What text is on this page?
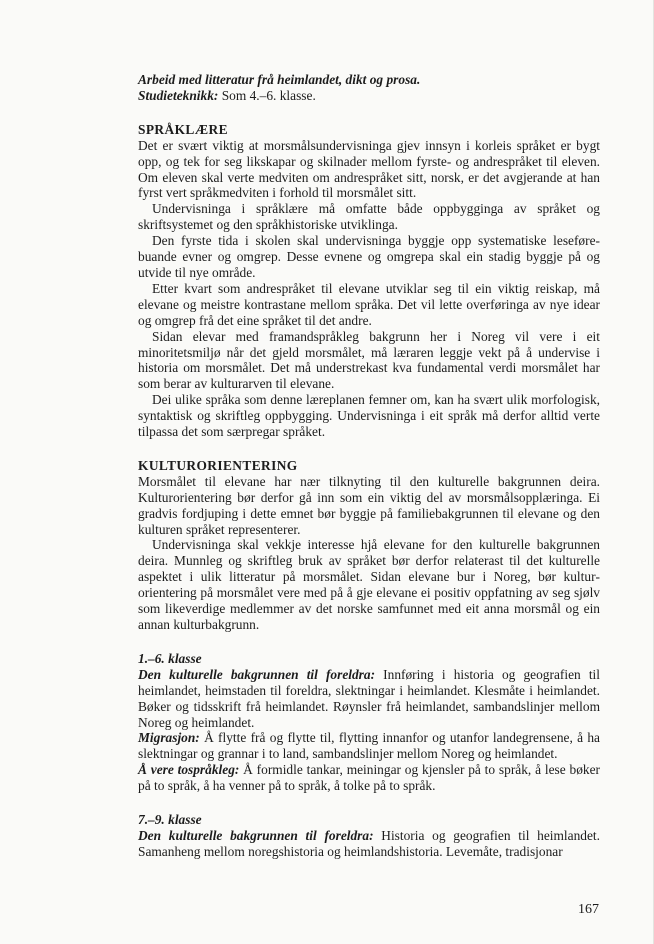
Arbeid med litteratur frå heimlandet, dikt og prosa.

Studieteknikk: Som 4.–6. klasse.

SPRÅKLÆRE

Det er svært viktig at morsmålsundervisninga gjev innsyn i korleis språket er bygt opp, og tek for seg likskapar og skilnader mellom fyrste- og andrespråket til eleven. Om eleven skal verte medviten om andrespråket sitt, norsk, er det avgjerande at han fyrst vert språkmedviten i forhold til morsmålet sitt.

Undervisninga i språklære må omfatte både oppbygginga av språket og skriftsystemet og den språkhistoriske utviklinga.

Den fyrste tida i skolen skal undervisninga byggje opp systematiske leseførebuande evner og omgrep. Desse evnene og omgrepa skal ein stadig byggje på og utvide til nye område.

Etter kvart som andrespråket til elevane utviklar seg til ein viktig reiskap, må elevane og meistre kontrastane mellom språka. Det vil lette overføringa av nye idear og omgrep frå det eine språket til det andre.

Sidan elevar med framandspråkleg bakgrunn her i Noreg vil vere i eit minoritetsmiljø når det gjeld morsmålet, må læraren leggje vekt på å undervise i historia om morsmålet. Det må understrekast kva fundamental verdi morsmålet har som berar av kulturarven til elevane.

Dei ulike språka som denne læreplanen femner om, kan ha svært ulik morfologisk, syntaktisk og skriftleg oppbygging. Undervisninga i eit språk må derfor alltid verte tilpassa det som særpregar språket.

KULTURORIENTERING

Morsmålet til elevane har nær tilknyting til den kulturelle bakgrunnen deira. Kulturorientering bør derfor gå inn som ein viktig del av morsmålsopplæringa. Ei gradvis fordjuping i dette emnet bør byggje på familiebakgrunnen til elevane og den kulturen språket representerer.

Undervisninga skal vekkje interesse hjå elevane for den kulturelle bakgrunnen deira. Munnleg og skriftleg bruk av språket bør derfor relaterast til det kulturelle aspektet i ulik litteratur på morsmålet. Sidan elevane bur i Noreg, bør kulturorientering på morsmålet vere med på å gje elevane ei positiv oppfatning av seg sjølv som likeverdige medlemmer av det norske samfunnet med eit anna morsmål og ein annan kulturbakgrunn.

1.–6. klasse

Den kulturelle bakgrunnen til foreldra: Innføring i historia og geografien til heimlandet, heimstaden til foreldra, slektningar i heimlandet. Klesmåte i heimlandet. Bøker og tidsskrift frå heimlandet. Røynsler frå heimlandet, sambandslinjer mellom Noreg og heimlandet.

Migrasjon: Å flytte frå og flytte til, flytting innanfor og utanfor landegrensene, å ha slektningar og grannar i to land, sambandslinjer mellom Noreg og heimlandet.

Å vere tospråkleg: Å formidle tankar, meiningar og kjensler på to språk, å lese bøker på to språk, å ha venner på to språk, å tolke på to språk.

7.–9. klasse

Den kulturelle bakgrunnen til foreldra: Historia og geografien til heimlandet. Samanheng mellom noregshistoria og heimlandshistoria. Levemåte, tradisjonar

167
